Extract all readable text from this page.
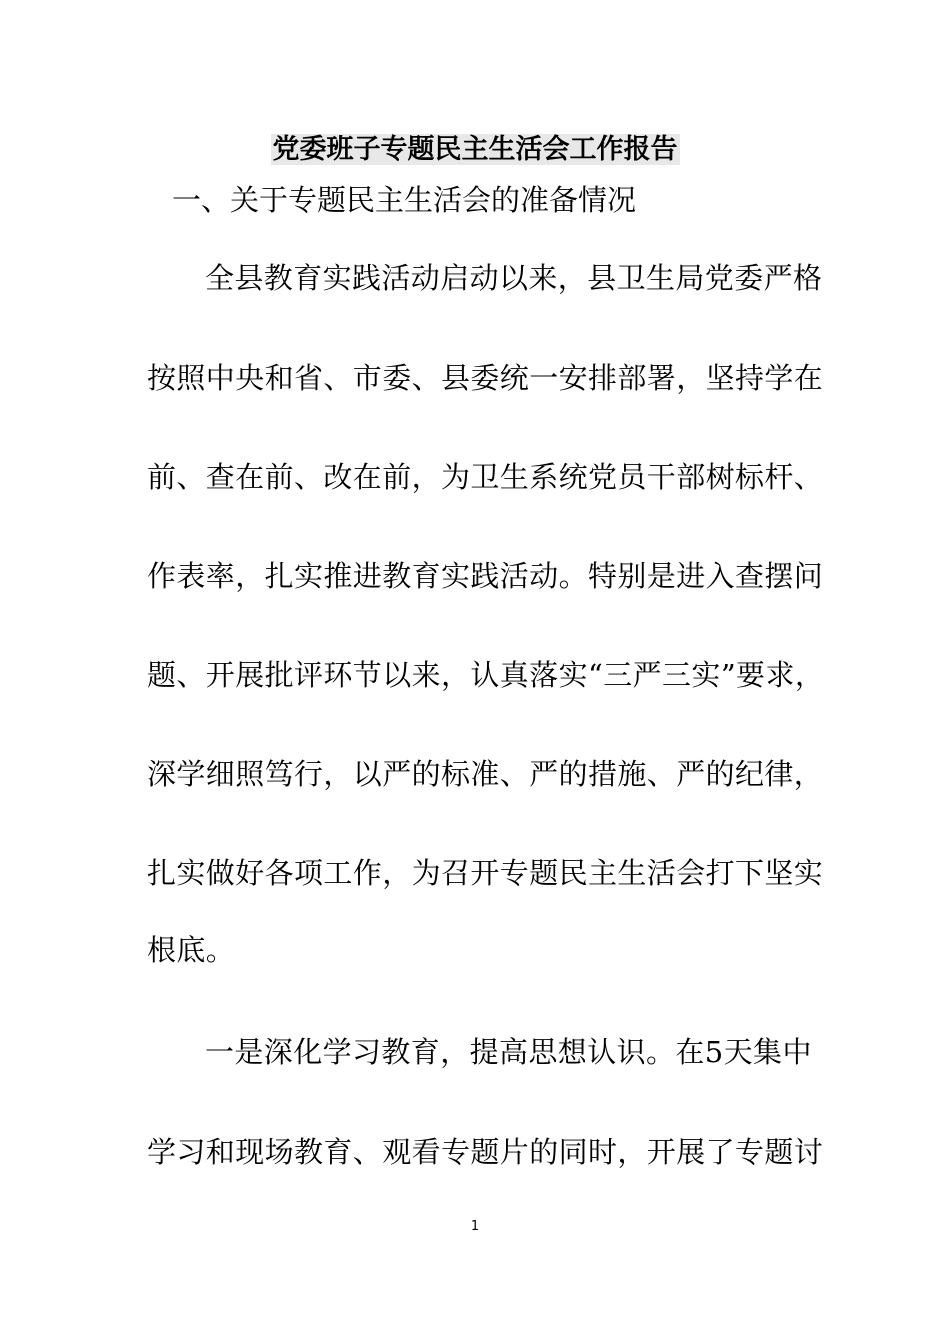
党委班子专题民主生活会工作报告
一、关于专题民主生活会的准备情况
全县教育实践活动启动以来，县卫生局党委严格
按照中央和省、市委、县委统一安排部署，坚持学在
前、查在前、改在前，为卫生系统党员干部树标杆、
作表率，扎实推进教育实践活动。特别是进入查摆问
题、开展批评环节以来，认真落实“三严三实”要求，
深学细照笃行，以严的标准、严的措施、严的纪律，
扎实做好各项工作，为召开专题民主生活会打下坚实
根底。
一是深化学习教育，提高思想认识。在5天集中
学习和现场教育、观看专题片的同时，开展了专题讨
1
